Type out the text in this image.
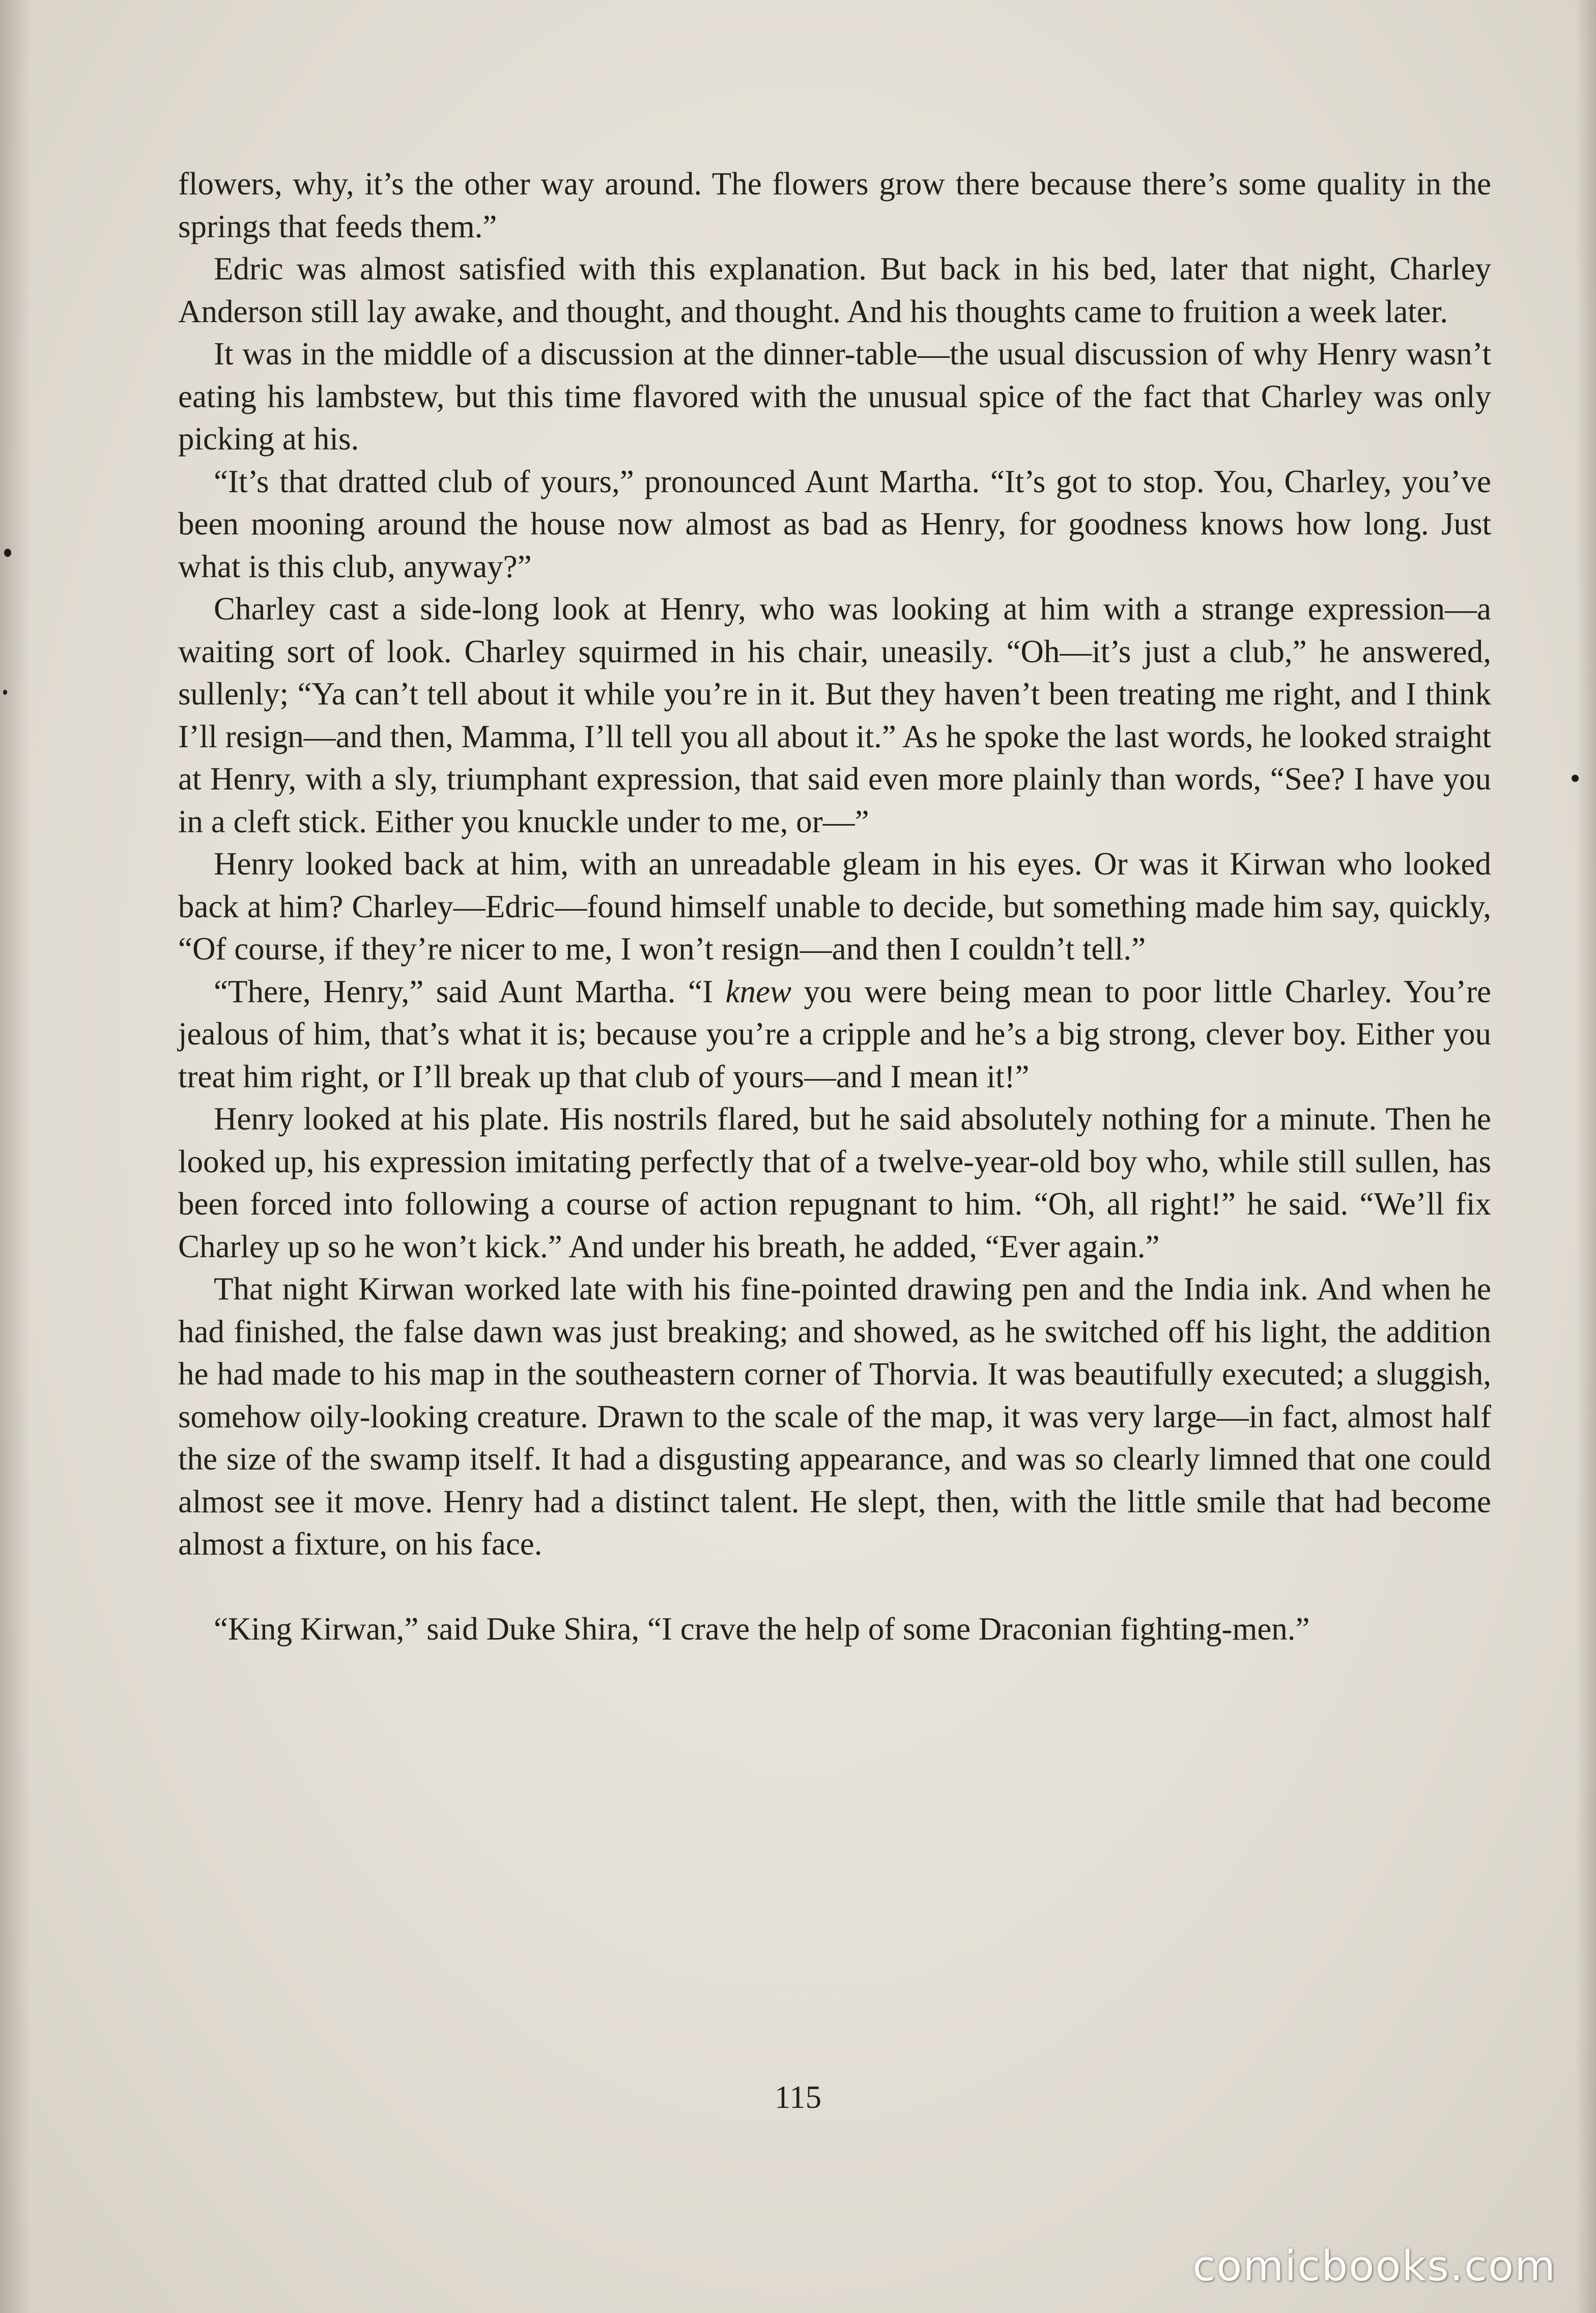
flowers, why, it’s the other way around. The flowers grow there because there’s some quality in the springs that feeds them.”

Edric was almost satisfied with this explanation. But back in his bed, later that night, Charley Anderson still lay awake, and thought, and thought. And his thoughts came to fruition a week later.

It was in the middle of a discussion at the dinner-table—the usual discussion of why Henry wasn’t eating his lambstew, but this time flavored with the unusual spice of the fact that Charley was only picking at his.

“It’s that dratted club of yours,” pronounced Aunt Martha. “It’s got to stop. You, Charley, you’ve been mooning around the house now almost as bad as Henry, for goodness knows how long. Just what is this club, anyway?”

Charley cast a side-long look at Henry, who was looking at him with a strange expression—a waiting sort of look. Charley squirmed in his chair, uneasily. “Oh—it’s just a club,” he answered, sullenly; “Ya can’t tell about it while you’re in it. But they haven’t been treating me right, and I think I’ll resign—and then, Mamma, I’ll tell you all about it.” As he spoke the last words, he looked straight at Henry, with a sly, triumphant expression, that said even more plainly than words, “See? I have you in a cleft stick. Either you knuckle under to me, or—”

Henry looked back at him, with an unreadable gleam in his eyes. Or was it Kirwan who looked back at him? Charley—Edric—found himself unable to decide, but something made him say, quickly, “Of course, if they’re nicer to me, I won’t resign—and then I couldn’t tell.”

“There, Henry,” said Aunt Martha. “I knew you were being mean to poor little Charley. You’re jealous of him, that’s what it is; because you’re a cripple and he’s a big strong, clever boy. Either you treat him right, or I’ll break up that club of yours—and I mean it!”

Henry looked at his plate. His nostrils flared, but he said absolutely nothing for a minute. Then he looked up, his expression imitating perfectly that of a twelve-year-old boy who, while still sullen, has been forced into following a course of action repugnant to him. “Oh, all right!” he said. “We’ll fix Charley up so he won’t kick.” And under his breath, he added, “Ever again.”

That night Kirwan worked late with his fine-pointed drawing pen and the India ink. And when he had finished, the false dawn was just breaking; and showed, as he switched off his light, the addition he had made to his map in the southeastern corner of Thorvia. It was beautifully executed; a sluggish, somehow oily-looking creature. Drawn to the scale of the map, it was very large—in fact, almost half the size of the swamp itself. It had a disgusting appearance, and was so clearly limned that one could almost see it move. Henry had a distinct talent. He slept, then, with the little smile that had become almost a fixture, on his face.

“King Kirwan,” said Duke Shira, “I crave the help of some Draconian fighting-men.”

115
comicbooks.com
